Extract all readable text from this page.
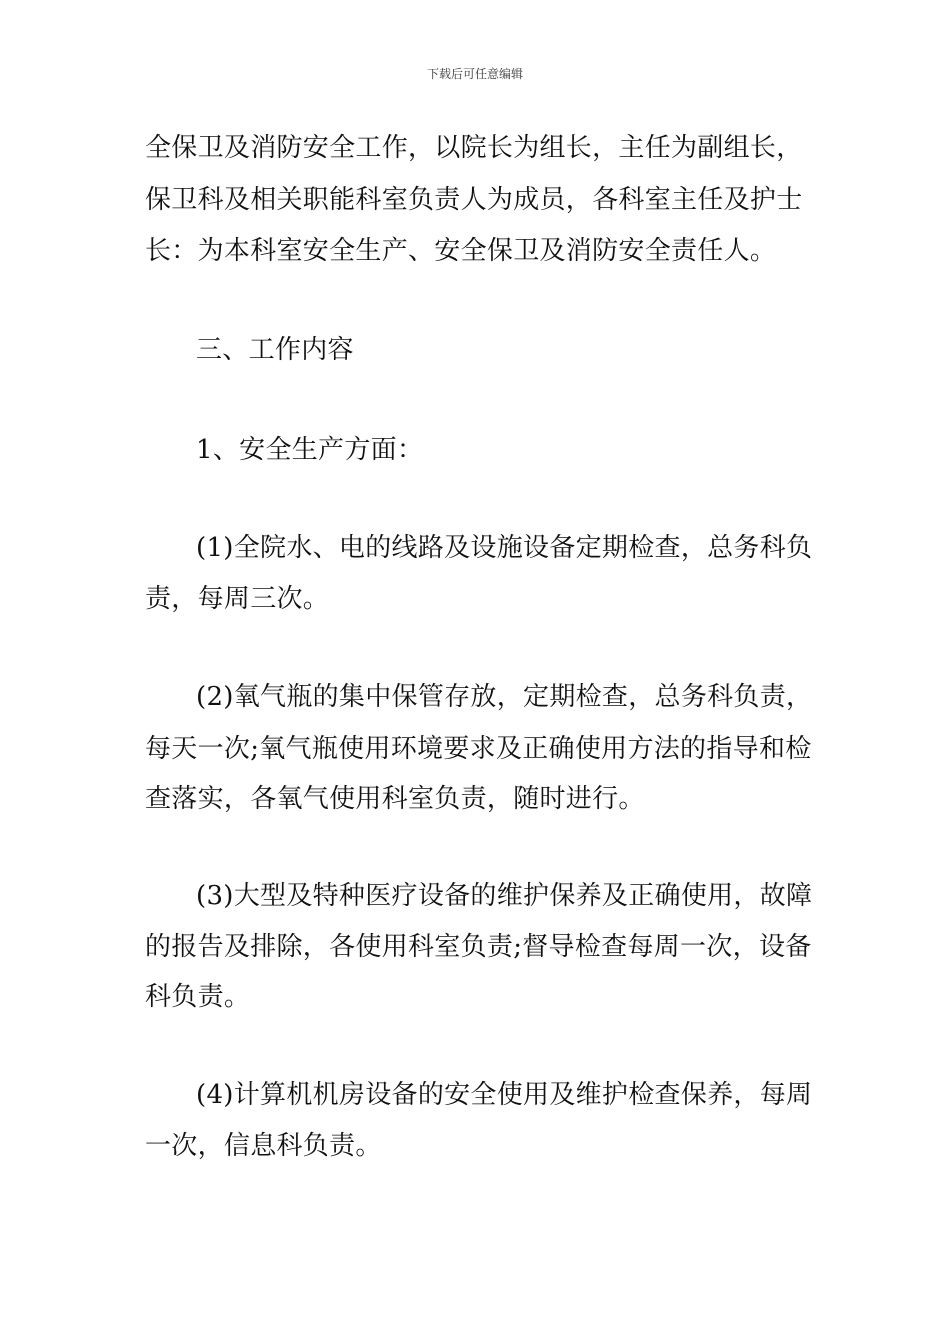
下载后可任意编辑
全保卫及消防安全工作，以院长为组长，主任为副组长，
保卫科及相关职能科室负责人为成员，各科室主任及护士
长：为本科室安全生产、安全保卫及消防安全责任人。
三、工作内容
1、安全生产方面：
(1)全院水、电的线路及设施设备定期检查，总务科负
责，每周三次。
(2)氧气瓶的集中保管存放，定期检查，总务科负责，
每天一次;氧气瓶使用环境要求及正确使用方法的指导和检
查落实，各氧气使用科室负责，随时进行。
(3)大型及特种医疗设备的维护保养及正确使用，故障
的报告及排除，各使用科室负责;督导检查每周一次，设备
科负责。
(4)计算机机房设备的安全使用及维护检查保养，每周
一次，信息科负责。
